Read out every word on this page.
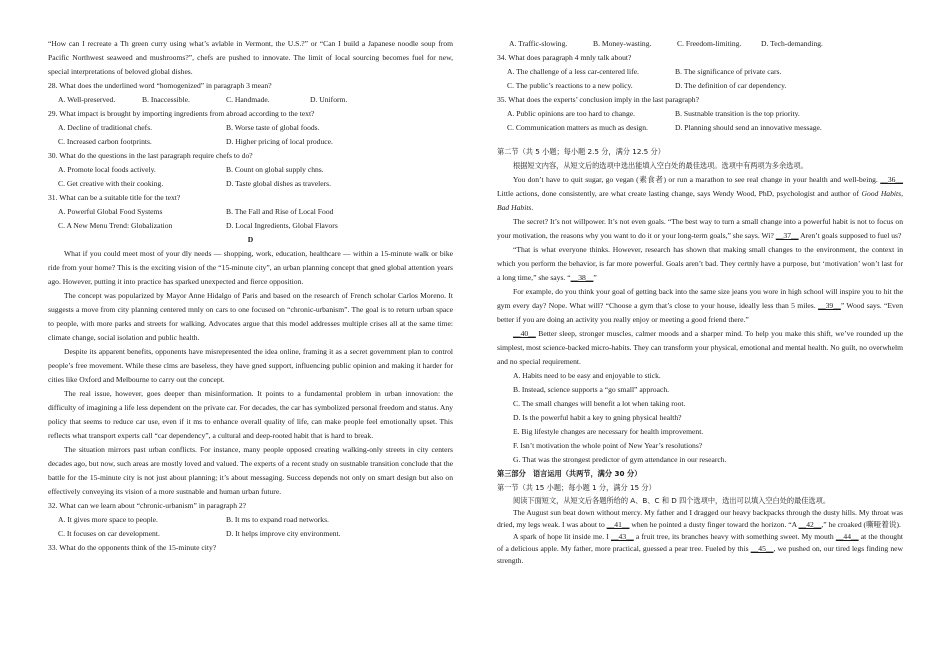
“How can I recreate a Th green curry using what’s avlable in Vermont, the U.S.?” or “Can I build a Japanese noodle soup from Pacific Northwest seaweed and mushrooms?”, chefs are pushed to innovate. The limit of local sourcing becomes fuel for new, special interpretations of beloved global dishes.

28. What does the underlined word “homogenized” in paragraph 3 mean?

A. Well-preserved.	B. Inaccessible.	C. Handmade.	D. Uniform.

29. What impact is brought by importing ingredients from abroad according to the text?

A. Decline of traditional chefs.	B. Worse taste of global foods.
C. Increased carbon footprints.	D. Higher pricing of local produce.

30. What do the questions in the last paragraph require chefs to do?

A. Promote local foods actively.	B. Count on global supply chns.
C. Get creative with their cooking.	D. Taste global dishes as travelers.

31. What can be a suitable title for the text?

A. Powerful Global Food Systems	B. The Fall and Rise of Local Food
C. A New Menu Trend: Globalization	D. Local Ingredients, Global Flavors

D

What if you could meet most of your dly needs — shopping, work, education, healthcare — within a 15-minute walk or bike ride from your home? This is the exciting vision of the “15-minute city”, an urban planning concept that gned global attention years ago. However, putting it into practice has sparked unexpected and fierce opposition.

The concept was popularized by Mayor Anne Hidalgo of Paris and based on the research of French scholar Carlos Moreno. It suggests a move from city planning centered mnly on cars to one focused on “chronic-urbanism”. The goal is to return urban space to people, with more parks and streets for walking. Advocates argue that this model addresses multiple crises all at the same time: climate change, social isolation and public health.

Despite its apparent benefits, opponents have misrepresented the idea online, framing it as a secret government plan to control people’s free movement. While these clms are baseless, they have gned support, influencing public opinion and making it harder for cities like Oxford and Melbourne to carry out the concept.

The real issue, however, goes deeper than misinformation. It points to a fundamental problem in urban innovation: the difficulty of imagining a life less dependent on the private car. For decades, the car has symbolized personal freedom and status. Any policy that seems to reduce car use, even if it ms to enhance overall quality of life, can make people feel emotionally upset. This reflects what transport experts call “car dependency”, a cultural and deep-rooted habit that is hard to break.

The situation mirrors past urban conflicts. For instance, many people opposed creating walking-only streets in city centers decades ago, but now, such areas are mostly loved and valued. The experts of a recent study on sustnable transition conclude that the battle for the 15-minute city is not just about planning; it’s about messaging. Success depends not only on smart design but also on effectively conveying its vision of a more sustnable and human urban future.

32. What can we learn about “chronic-urbanism” in paragraph 2?

A. It gives more space to people.	B. It ms to expand road networks.
C. It focuses on car development.	D. It helps improve city environment.

33. What do the opponents think of the 15-minute city?

A. Traffic-slowing.	B. Money-wasting.	C. Freedom-limiting.	D. Tech-demanding.

34. What does paragraph 4 mnly talk about?

A. The challenge of a less car-centered life.	B. The significance of private cars.
C. The public’s reactions to a new policy.	D. The definition of car dependency.

35. What does the experts’ conclusion imply in the last paragraph?

A. Public opinions are too hard to change.	B. Sustnable transition is the top priority.
C. Communication matters as much as design.	D. Planning should send an innovative message.

第二节（共 5 小题；每小题 2.5 分，满分 12.5 分）

根据短文内容，从短文后的选项中选出能填入空白处的最佳选项。选项中有两项为多余选项。

You don’t have to quit sugar, go vegan (素食者) or run a marathon to see real change in your health and well-being. __36__ Little actions, done consistently, are what create lasting change, says Wendy Wood, PhD, psychologist and author of Good Habits, Bad Habits.

The secret? It’s not willpower. It’s not even goals. “The best way to turn a small change into a powerful habit is not to focus on your motivation, the reasons why you want to do it or your long-term goals,” she says. Wi? __37__ Aren’t goals supposed to fuel us?

“That is what everyone thinks. However, research has shown that making small changes to the environment, the context in which you perform the behavior, is far more powerful. Goals aren’t bad. They certnly have a purpose, but ‘motivation’ won’t last for a long time,” she says. “__38__”

For example, do you think your goal of getting back into the same size jeans you wore in high school will inspire you to hit the gym every day? Nope. What will? “Choose a gym that’s close to your house, ideally less than 5 miles. __39__” Wood says. “Even better if you are doing an activity you really enjoy or meeting a good friend there.”

__40__ Better sleep, stronger muscles, calmer moods and a sharper mind. To help you make this shift, we’ve rounded up the simplest, most science-backed micro-habits. They can transform your physical, emotional and mental health. No guilt, no overwhelm and no special requirement.

A. Habits need to be easy and enjoyable to stick.

B. Instead, science supports a “go small” approach.

C. The small changes will benefit a lot when taking root.

D. Is the powerful habit a key to gning physical health?

E. Big lifestyle changes are necessary for health improvement.

F. Isn’t motivation the whole point of New Year’s resolutions?

G. That was the strongest predictor of gym attendance in our research.

第三部分　语言运用（共两节，满分 30 分）

第一节（共 15 小题；每小题 1 分，满分 15 分）

阅读下面短文，从短文后各题所给的 A、B、C 和 D 四个选项中，选出可以填入空白处的最佳选项。

The August sun beat down without mercy. My father and I dragged our heavy backpacks through the dusty hills. My throat was dried, my legs weak. I was about to __41__ when he pointed a dusty finger toward the horizon. “A __42__,” he croaked (嘶哑着说).

A spark of hope lit inside me. I __43__ a fruit tree, its branches heavy with something sweet. My mouth __44__ at the thought of a delicious apple. My father, more practical, guessed a pear tree. Fueled by this __45__, we pushed on, our tired legs finding new strength.
